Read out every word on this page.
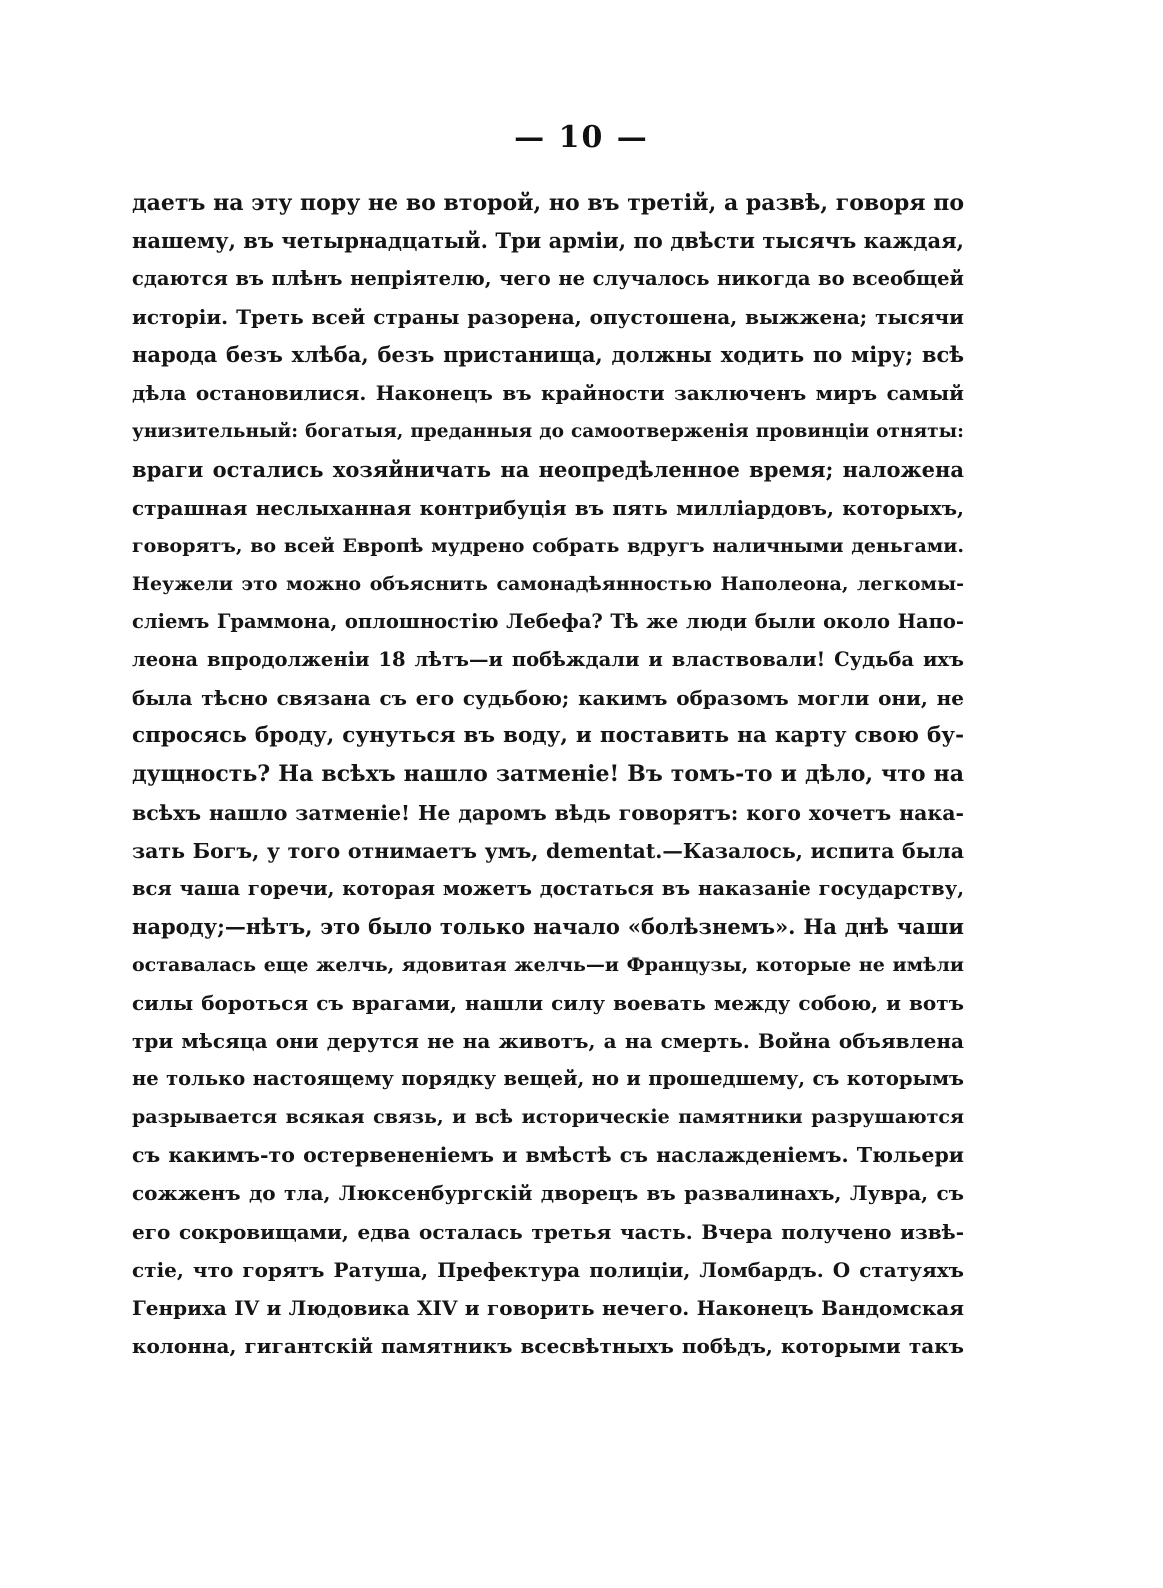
— 10 —
даетъ на эту пору не во второй, но въ третій, а развѣ, говоря по
нашему, въ четырнадцатый. Три арміи, по двѣсти тысячъ каждая,
сдаются въ плѣнъ непріятелю, чего не случалось никогда во всеобщей
исторіи. Треть всей страны разорена, опустошена, выжжена; тысячи
народа безъ хлѣба, безъ пристанища, должны ходить по міру; всѣ
дѣла остановилися. Наконецъ въ крайности заключенъ миръ самый
унизительный: богатыя, преданныя до самоотверженія провинціи отняты:
враги остались хозяйничать на неопредѣленное время; наложена
страшная неслыханная контрибуція въ пять милліардовъ, которыхъ,
говорятъ, во всей Европѣ мудрено собрать вдругъ наличными деньгами.
Неужели это можно объяснить самонадѣянностью Наполеона, легкомы-
сліемъ Граммона, оплошностію Лебефа? Тѣ же люди были около Напо-
леона впродолженіи 18 лѣтъ—и побѣждали и властвовали! Судьба ихъ
была тѣсно связана съ его судьбою; какимъ образомъ могли они, не
спросясь броду, сунуться въ воду, и поставить на карту свою бу-
дущность? На всѣхъ нашло затменіе! Въ томъ-то и дѣло, что на
всѣхъ нашло затменіе! Не даромъ вѣдь говорятъ: кого хочетъ нака-
зать Богъ, у того отнимаетъ умъ, dementat.—Казалось, испита была
вся чаша горечи, которая можетъ достаться въ наказаніе государству,
народу;—нѣтъ, это было только начало «болѣзнемъ». На днѣ чаши
оставалась еще желчь, ядовитая желчь—и Французы, которые не имѣли
силы бороться съ врагами, нашли силу воевать между собою, и вотъ
три мѣсяца они дерутся не на животъ, а на смерть. Война объявлена
не только настоящему порядку вещей, но и прошедшему, съ которымъ
разрывается всякая связь, и всѣ историческіе памятники разрушаются
съ какимъ-то остервененіемъ и вмѣстѣ съ наслажденіемъ. Тюльери
сожженъ до тла, Люксенбургскій дворецъ въ развалинахъ, Лувра, съ
его сокровищами, едва осталась третья часть. Вчера получено извѣ-
стіе, что горятъ Ратуша, Префектура полиціи, Ломбардъ. О статуяхъ
Генриха IV и Людовика XIV и говорить нечего. Наконецъ Вандомская
колонна, гигантскій памятникъ всесвѣтныхъ побѣдъ, которыми такъ
